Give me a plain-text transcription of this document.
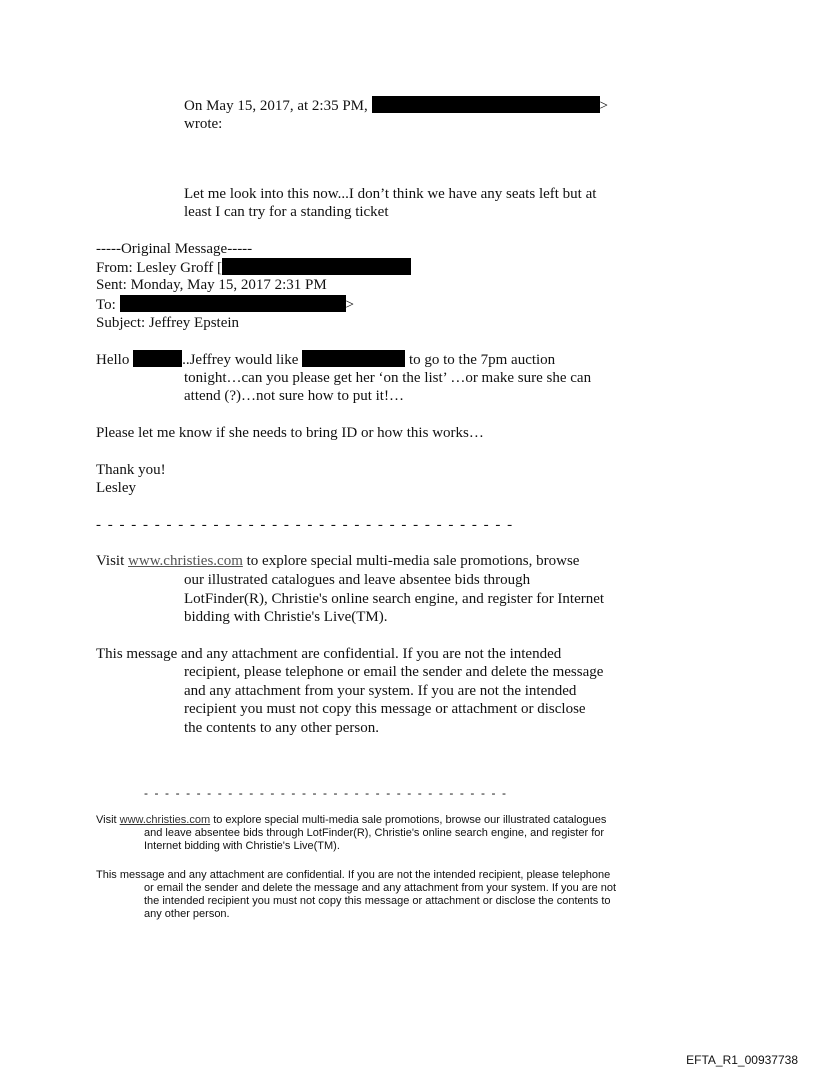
On May 15, 2017, at 2:35 PM,	>
wrote:
Let me look into this now...I don’t think we have any seats left but at
least I can try for a standing ticket
-----Original Message-----
From: Lesley Groff [
Sent: Monday, May 15, 2017 2:31 PM
To:	>
Subject: Jeffrey Epstein
Hello	..Jeffrey would like	to go to the 7pm auction
tonight…can you please get her ‘on the list’ …or make sure she can
attend (?)…not sure how to put it!…
Please let me know if she needs to bring ID or how this works…
Thank you!
Lesley
- - - - - - - - - - - - - - - - - - - - - - - - - - - - - - - - - - - -
Visit www.christies.com to explore special multi-media sale promotions, browse
our illustrated catalogues and leave absentee bids through
LotFinder(R), Christie's online search engine, and register for Internet
bidding with Christie's Live(TM).
This message and any attachment are confidential. If you are not the intended
recipient, please telephone or email the sender and delete the message
and any attachment from your system. If you are not the intended
recipient you must not copy this message or attachment or disclose
the contents to any other person.
- - - - - - - - - - - - - - - - - - - - - - - - - - - - - - - - - - -
Visit www.christies.com to explore special multi-media sale promotions, browse our illustrated catalogues
and leave absentee bids through LotFinder(R), Christie's online search engine, and register for
Internet bidding with Christie's Live(TM).
This message and any attachment are confidential. If you are not the intended recipient, please telephone
or email the sender and delete the message and any attachment from your system. If you are not
the intended recipient you must not copy this message or attachment or disclose the contents to
any other person.
EFTA_R1_00937738
